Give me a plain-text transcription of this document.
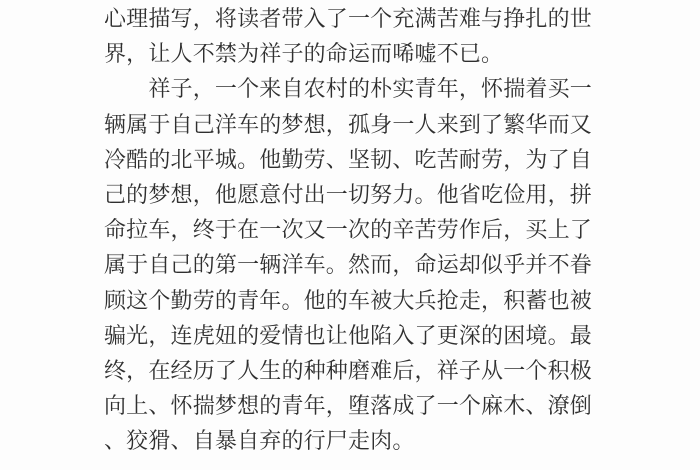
心理描写，将读者带入了一个充满苦难与挣扎的世
界，让人不禁为祥子的命运而唏嘘不已。
　　祥子，一个来自农村的朴实青年，怀揣着买一
辆属于自己洋车的梦想，孤身一人来到了繁华而又
冷酷的北平城。他勤劳、坚韧、吃苦耐劳，为了自
己的梦想，他愿意付出一切努力。他省吃俭用，拼
命拉车，终于在一次又一次的辛苦劳作后，买上了
属于自己的第一辆洋车。然而，命运却似乎并不眷
顾这个勤劳的青年。他的车被大兵抢走，积蓄也被
骗光，连虎妞的爱情也让他陷入了更深的困境。最
终，在经历了人生的种种磨难后，祥子从一个积极
向上、怀揣梦想的青年，堕落成了一个麻木、潦倒
、狡猾、自暴自弃的行尸走肉。
